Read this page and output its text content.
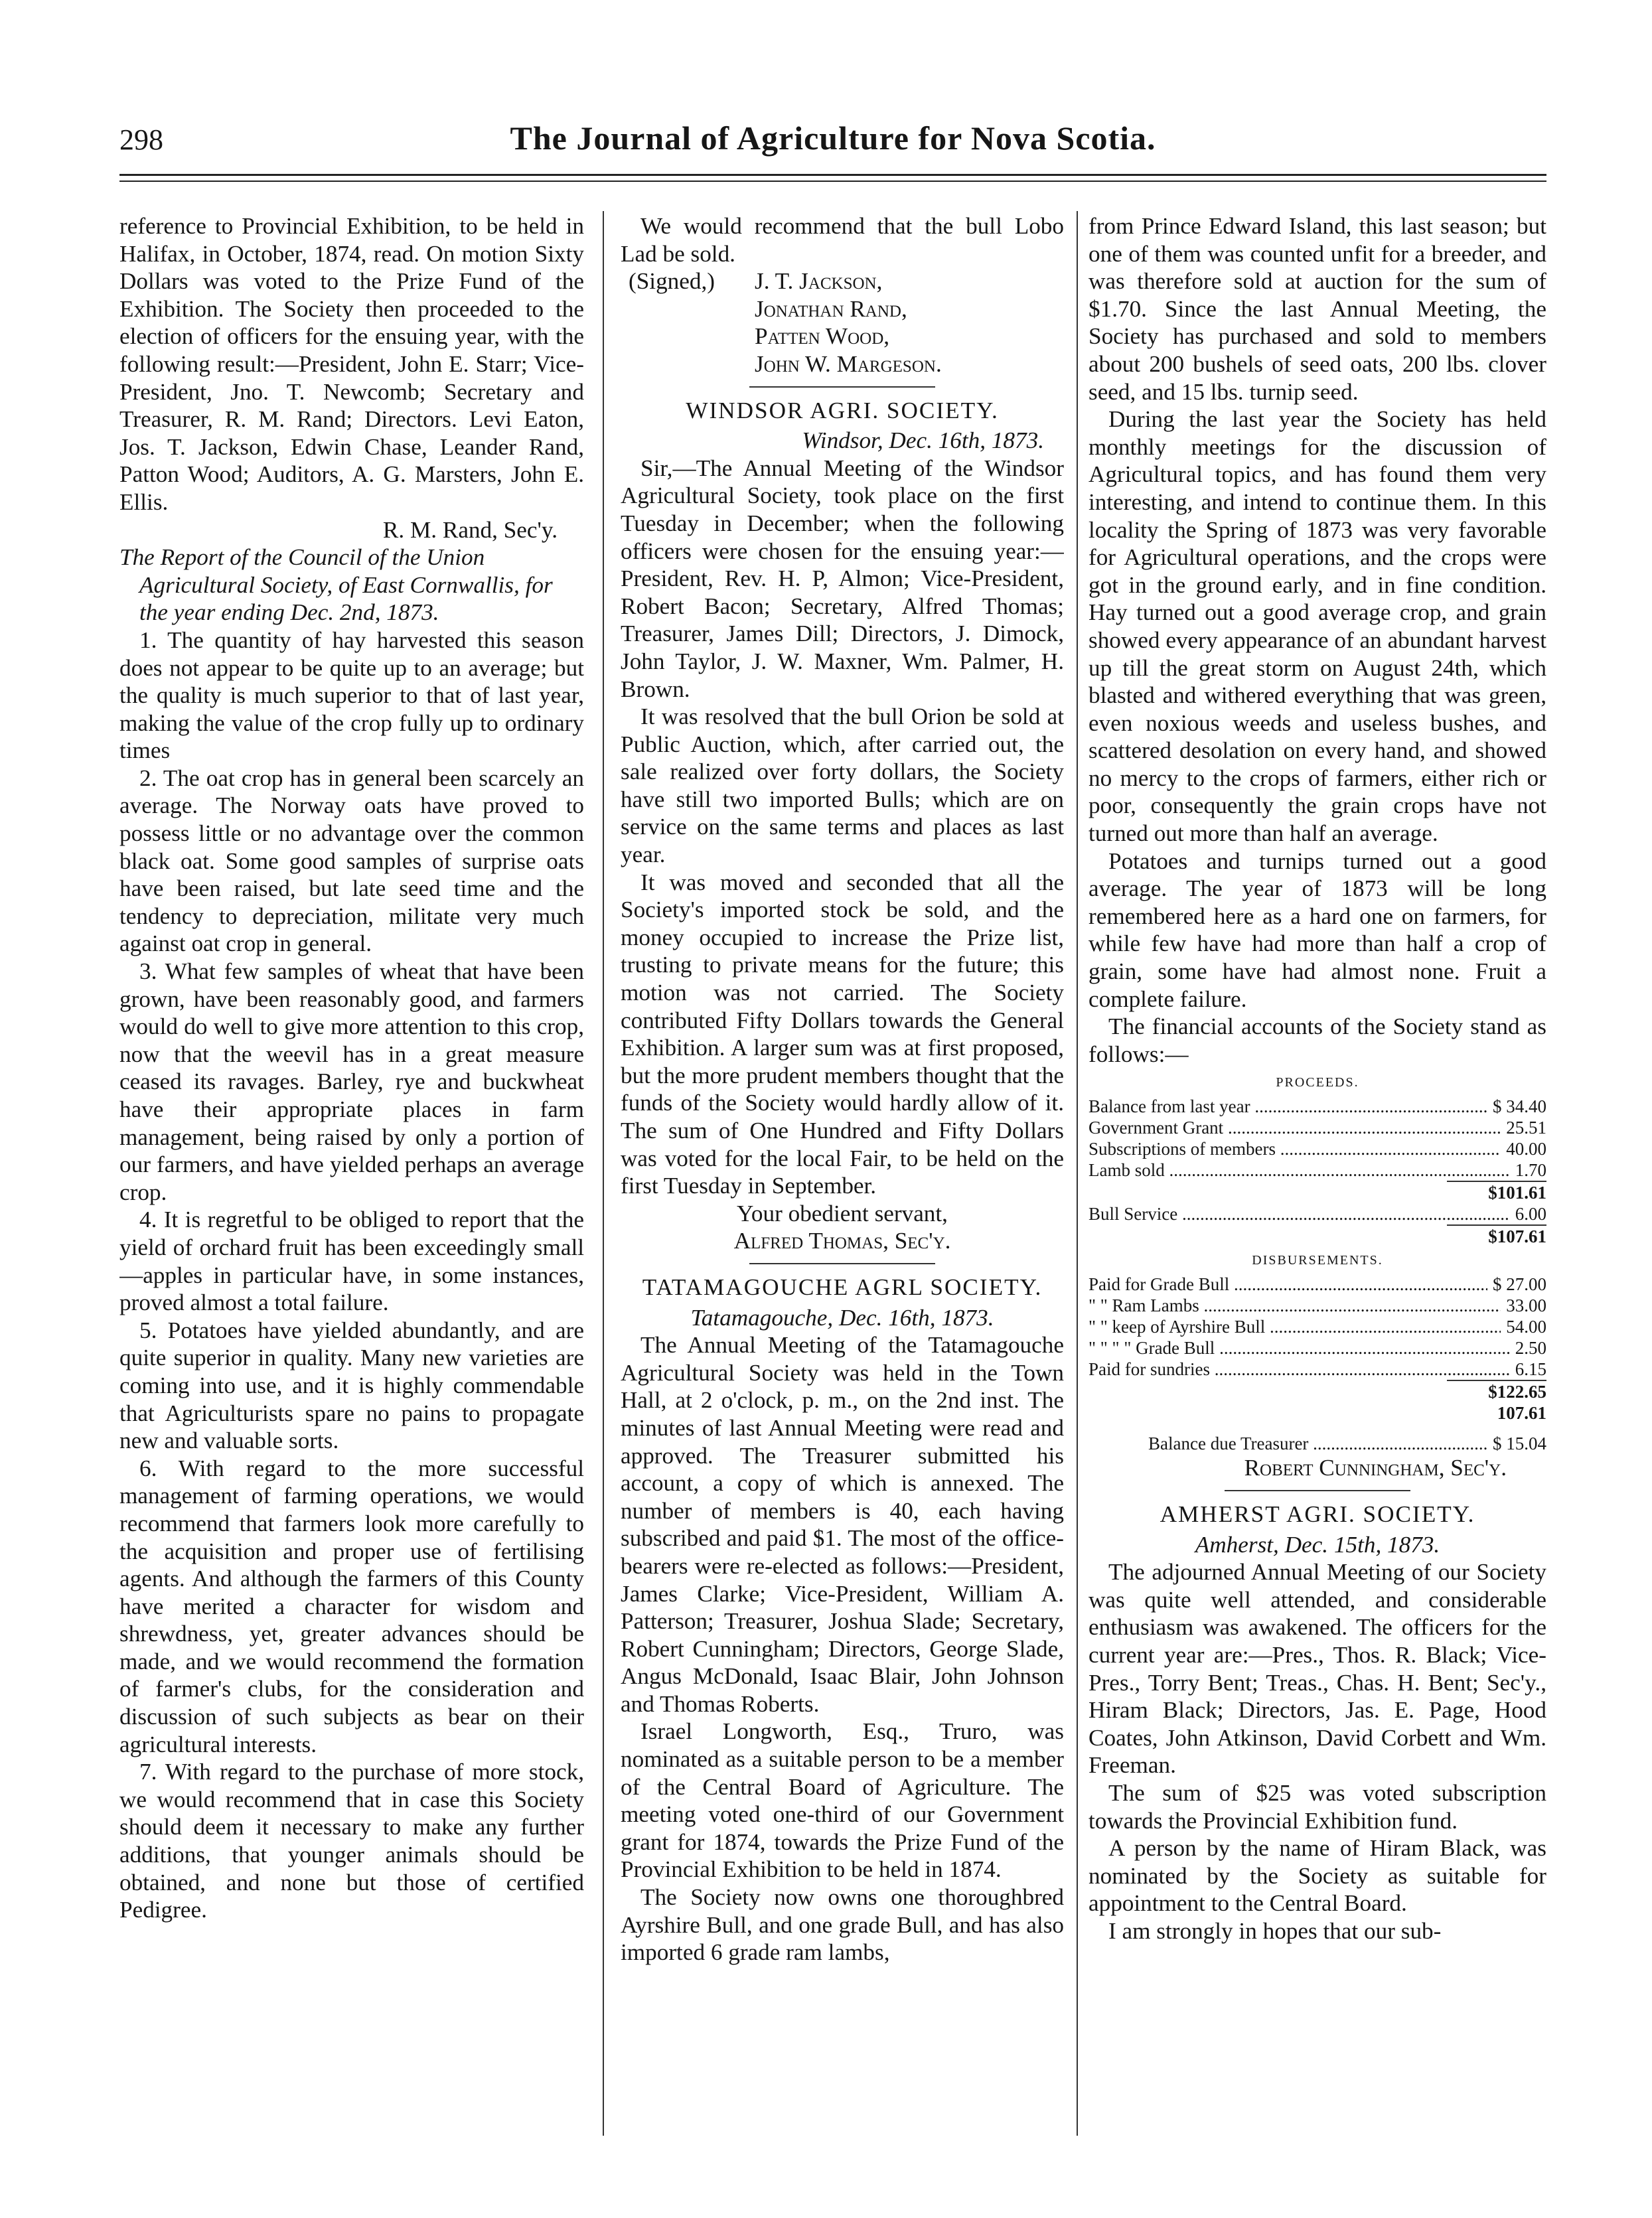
298	The Journal of Agriculture for Nova Scotia.

reference to Provincial Exhibition, to be held in Halifax, in October, 1874, read. On motion Sixty Dollars was voted to the Prize Fund of the Exhibition. The Society then proceeded to the election of officers for the ensuing year, with the following result:—President, John E. Starr; Vice-President, Jno. T. Newcomb; Secretary and Treasurer, R. M. Rand; Directors. Levi Eaton, Jos. T. Jackson, Edwin Chase, Leander Rand, Patton Wood; Auditors, A. G. Marsters, John E. Ellis.

R. M. Rand, Sec'y.

The Report of the Council of the Union Agricultural Society, of East Cornwallis, for the year ending Dec. 2nd, 1873.

1. The quantity of hay harvested this season does not appear to be quite up to an average; but the quality is much superior to that of last year, making the value of the crop fully up to ordinary times

2. The oat crop has in general been scarcely an average. The Norway oats have proved to possess little or no advantage over the common black oat. Some good samples of surprise oats have been raised, but late seed time and the tendency to depreciation, militate very much against oat crop in general.

3. What few samples of wheat that have been grown, have been reasonably good, and farmers would do well to give more attention to this crop, now that the weevil has in a great measure ceased its ravages. Barley, rye and buckwheat have their appropriate places in farm management, being raised by only a portion of our farmers, and have yielded perhaps an average crop.

4. It is regretful to be obliged to report that the yield of orchard fruit has been exceedingly small—apples in particular have, in some instances, proved almost a total failure.

5. Potatoes have yielded abundantly, and are quite superior in quality. Many new varieties are coming into use, and it is highly commendable that Agriculturists spare no pains to propagate new and valuable sorts.

6. With regard to the more successful management of farming operations, we would recommend that farmers look more carefully to the acquisition and proper use of fertilising agents. And although the farmers of this County have merited a character for wisdom and shrewdness, yet, greater advances should be made, and we would recommend the formation of farmer's clubs, for the consideration and discussion of such subjects as bear on their agricultural interests.

7. With regard to the purchase of more stock, we would recommend that in case this Society should deem it necessary to make any further additions, that younger animals should be obtained, and none but those of certified Pedigree.

We would recommend that the bull Lobo Lad be sold.

(Signed,)	J. T. Jackson,
Jonathan Rand,
Patten Wood,
John W. Margeson.

WINDSOR AGRI. SOCIETY.

Windsor, Dec. 16th, 1873.

Sir,—The Annual Meeting of the Windsor Agricultural Society, took place on the first Tuesday in December; when the following officers were chosen for the ensuing year:—President, Rev. H. P, Almon; Vice-President, Robert Bacon; Secretary, Alfred Thomas; Treasurer, James Dill; Directors, J. Dimock, John Taylor, J. W. Maxner, Wm. Palmer, H. Brown.

It was resolved that the bull Orion be sold at Public Auction, which, after carried out, the sale realized over forty dollars, the Society have still two imported Bulls; which are on service on the same terms and places as last year.

It was moved and seconded that all the Society's imported stock be sold, and the money occupied to increase the Prize list, trusting to private means for the future; this motion was not carried. The Society contributed Fifty Dollars towards the General Exhibition. A larger sum was at first proposed, but the more prudent members thought that the funds of the Society would hardly allow of it. The sum of One Hundred and Fifty Dollars was voted for the local Fair, to be held on the first Tuesday in September.

Your obedient servant,

Alfred Thomas, Sec'y.

TATAMAGOUCHE AGRL SOCIETY.

Tatamagouche, Dec. 16th, 1873.

The Annual Meeting of the Tatamagouche Agricultural Society was held in the Town Hall, at 2 o'clock, p. m., on the 2nd inst. The minutes of last Annual Meeting were read and approved. The Treasurer submitted his account, a copy of which is annexed. The number of members is 40, each having subscribed and paid $1. The most of the office-bearers were re-elected as follows:—President, James Clarke; Vice-President, William A. Patterson; Treasurer, Joshua Slade; Secretary, Robert Cunningham; Directors, George Slade, Angus McDonald, Isaac Blair, John Johnson and Thomas Roberts.

Israel Longworth, Esq., Truro, was nominated as a suitable person to be a member of the Central Board of Agriculture. The meeting voted one-third of our Government grant for 1874, towards the Prize Fund of the Provincial Exhibition to be held in 1874.

The Society now owns one thoroughbred Ayrshire Bull, and one grade Bull, and has also imported 6 grade ram lambs,

from Prince Edward Island, this last season; but one of them was counted unfit for a breeder, and was therefore sold at auction for the sum of $1.70. Since the last Annual Meeting, the Society has purchased and sold to members about 200 bushels of seed oats, 200 lbs. clover seed, and 15 lbs. turnip seed.

During the last year the Society has held monthly meetings for the discussion of Agricultural topics, and has found them very interesting, and intend to continue them. In this locality the Spring of 1873 was very favorable for Agricultural operations, and the crops were got in the ground early, and in fine condition. Hay turned out a good average crop, and grain showed every appearance of an abundant harvest up till the great storm on August 24th, which blasted and withered everything that was green, even noxious weeds and useless bushes, and scattered desolation on every hand, and showed no mercy to the crops of farmers, either rich or poor, consequently the grain crops have not turned out more than half an average.

Potatoes and turnips turned out a good average. The year of 1873 will be long remembered here as a hard one on farmers, for while few have had more than half a crop of grain, some have had almost none. Fruit a complete failure.

The financial accounts of the Society stand as follows:—

PROCEEDS.
Balance from last year .....	$ 34.40
Government Grant .....	25.51
Subscriptions of members .....	40.00
Lamb sold .....	1.70
$101.61
Bull Service .....	6.00
$107.61
DISBURSEMENTS.
Paid for Grade Bull .....	$ 27.00
" " Ram Lambs .....	33.00
" " keep of Ayrshire Bull .....	54.00
" " " " Grade Bull .....	2.50
Paid for sundries .....	6.15
$122.65
107.61
Balance due Treasurer .....	$ 15.04

Robert Cunningham, Sec'y.

AMHERST AGRI. SOCIETY.

Amherst, Dec. 15th, 1873.

The adjourned Annual Meeting of our Society was quite well attended, and considerable enthusiasm was awakened. The officers for the current year are:—Pres., Thos. R. Black; Vice-Pres., Torry Bent; Treas., Chas. H. Bent; Sec'y., Hiram Black; Directors, Jas. E. Page, Hood Coates, John Atkinson, David Corbett and Wm. Freeman.

The sum of $25 was voted subscription towards the Provincial Exhibition fund.

A person by the name of Hiram Black, was nominated by the Society as suitable for appointment to the Central Board.

I am strongly in hopes that our sub-
